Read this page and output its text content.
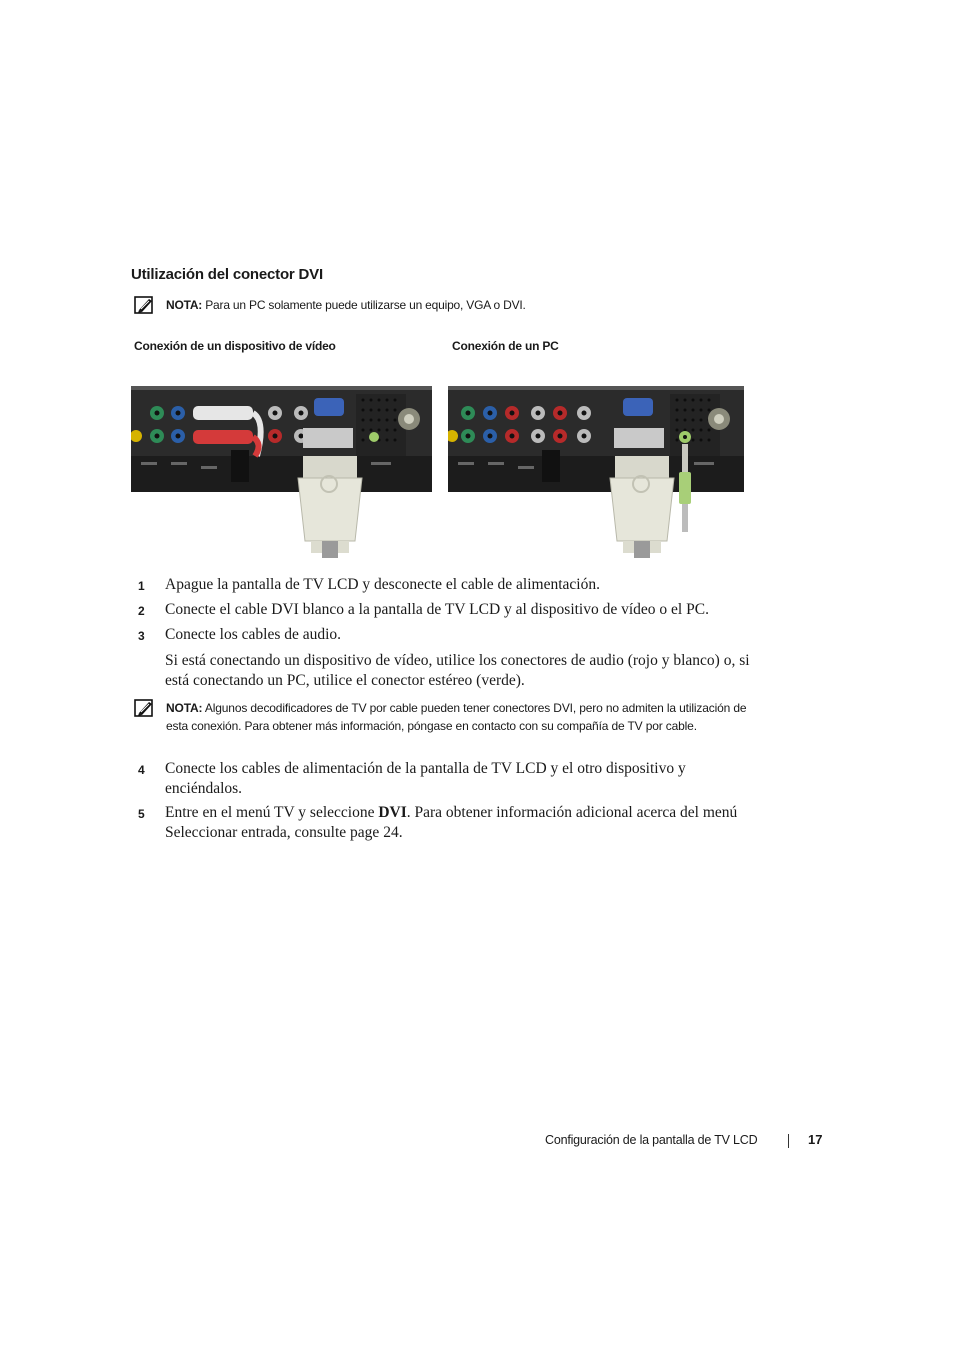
Utilización del conector DVI
NOTA: Para un PC solamente puede utilizarse un equipo, VGA o DVI.
Conexión de un dispositivo de vídeo	Conexión de un PC
1	Apague la pantalla de TV LCD y desconecte el cable de alimentación.
2	Conecte el cable DVI blanco a la pantalla de TV LCD y al dispositivo de vídeo o el PC.
3	Conecte los cables de audio.
Si está conectando un dispositivo de vídeo, utilice los conectores de audio (rojo y blanco) o, si está conectando un PC, utilice el conector estéreo (verde).
NOTA: Algunos decodificadores de TV por cable pueden tener conectores DVI, pero no admiten la utilización de esta conexión. Para obtener más información, póngase en contacto con su compañía de TV por cable.
4	Conecte los cables de alimentación de la pantalla de TV LCD y el otro dispositivo y enciéndalos.
5	Entre en el menú TV y seleccione DVI. Para obtener información adicional acerca del menú Seleccionar entrada, consulte page 24.
Configuración de la pantalla de TV LCD	17
